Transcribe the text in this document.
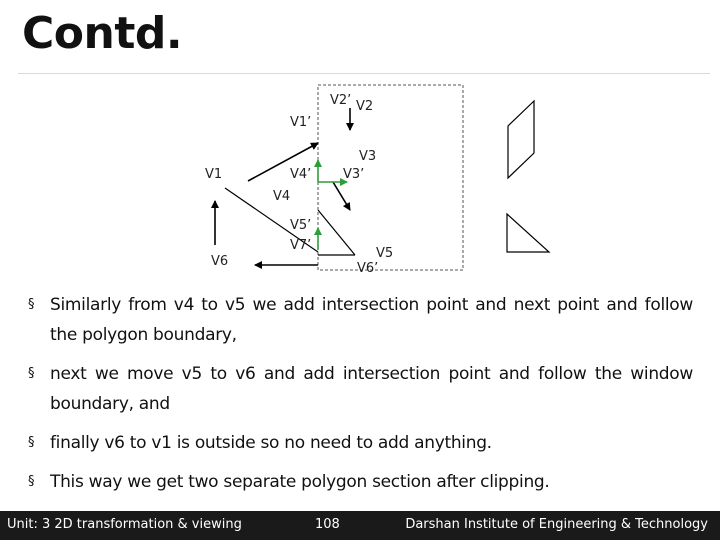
Contd.
V1
V6
V1’
V2’ V2
V3
V4’ V3’
V4
V5’
V7’
V5
V6’
§ Similarly from v4 to v5 we add intersection point and next point and follow the polygon boundary,
§ next we move v5 to v6 and add intersection point and follow the window boundary, and
§ finally v6 to v1 is outside so no need to add anything.
§ This way we get two separate polygon section after clipping.
Unit: 3 2D transformation & viewing	108	Darshan Institute of Engineering & Technology
